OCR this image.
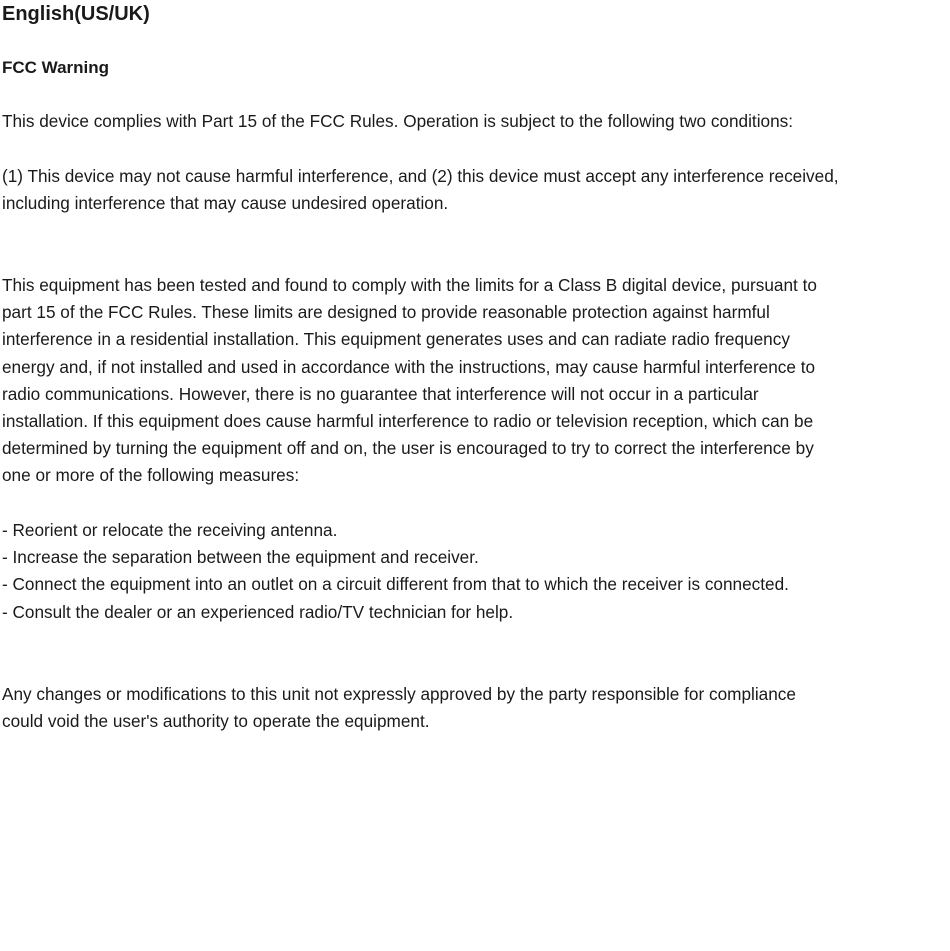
English(US/UK)
FCC Warning

This device complies with Part 15 of the FCC Rules. Operation is subject to the following two conditions:

(1) This device may not cause harmful interference, and (2) this device must accept any interference received,
including interference that may cause undesired operation.

This equipment has been tested and found to comply with the limits for a Class B digital device, pursuant to
part 15 of the FCC Rules. These limits are designed to provide reasonable protection against harmful
interference in a residential installation. This equipment generates uses and can radiate radio frequency
energy and, if not installed and used in accordance with the instructions, may cause harmful interference to
radio communications. However, there is no guarantee that interference will not occur in a particular
installation. If this equipment does cause harmful interference to radio or television reception, which can be
determined by turning the equipment off and on, the user is encouraged to try to correct the interference by
one or more of the following measures:

- Reorient or relocate the receiving antenna.
- Increase the separation between the equipment and receiver.
- Connect the equipment into an outlet on a circuit different from that to which the receiver is connected.
- Consult the dealer or an experienced radio/TV technician for help.

Any changes or modifications to this unit not expressly approved by the party responsible for compliance
could void the user's authority to operate the equipment.
